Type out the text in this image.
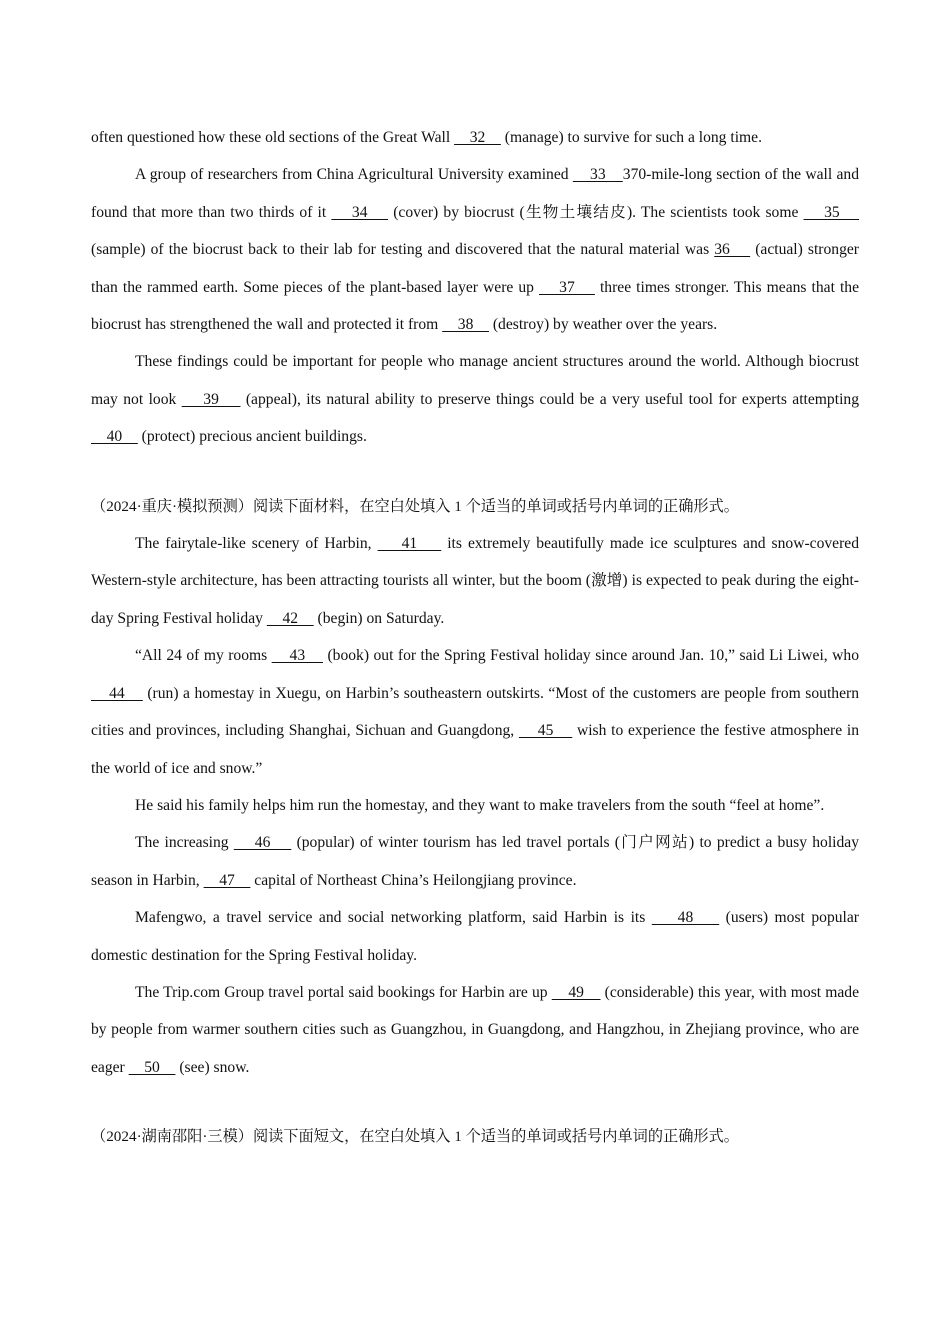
often questioned how these old sections of the Great Wall     32     (manage) to survive for such a long time.

A group of researchers from China Agricultural University examined     33    370-mile-long section of the wall and found that more than two thirds of it     34     (cover) by biocrust (生物土壤结皮). The scientists took some     35     (sample) of the biocrust back to their lab for testing and discovered that the natural material was 36     (actual) stronger than the rammed earth. Some pieces of the plant-based layer were up     37     three times stronger. This means that the biocrust has strengthened the wall and protected it from     38     (destroy) by weather over the years.

These findings could be important for people who manage ancient structures around the world. Although biocrust may not look     39     (appeal), its natural ability to preserve things could be a very useful tool for experts attempting     40     (protect) precious ancient buildings.

（2024·重庆·模拟预测）阅读下面材料，在空白处填入 1 个适当的单词或括号内单词的正确形式。

The fairytale-like scenery of Harbin,     41     its extremely beautifully made ice sculptures and snow-covered Western-style architecture, has been attracting tourists all winter, but the boom (激增) is expected to peak during the eight-day Spring Festival holiday     42     (begin) on Saturday.

“All 24 of my rooms     43     (book) out for the Spring Festival holiday since around Jan. 10,” said Li Liwei, who     44     (run) a homestay in Xuegu, on Harbin’s southeastern outskirts. “Most of the customers are people from southern cities and provinces, including Shanghai, Sichuan and Guangdong,     45     wish to experience the festive atmosphere in the world of ice and snow.”

He said his family helps him run the homestay, and they want to make travelers from the south “feel at home”.

The increasing     46     (popular) of winter tourism has led travel portals (门户网站) to predict a busy holiday season in Harbin,     47     capital of Northeast China’s Heilongjiang province.

Mafengwo, a travel service and social networking platform, said Harbin is its     48     (users) most popular domestic destination for the Spring Festival holiday.

The Trip.com Group travel portal said bookings for Harbin are up     49     (considerable) this year, with most made by people from warmer southern cities such as Guangzhou, in Guangdong, and Hangzhou, in Zhejiang province, who are eager     50     (see) snow.

（2024·湖南邵阳·三模）阅读下面短文，在空白处填入 1 个适当的单词或括号内单词的正确形式。
